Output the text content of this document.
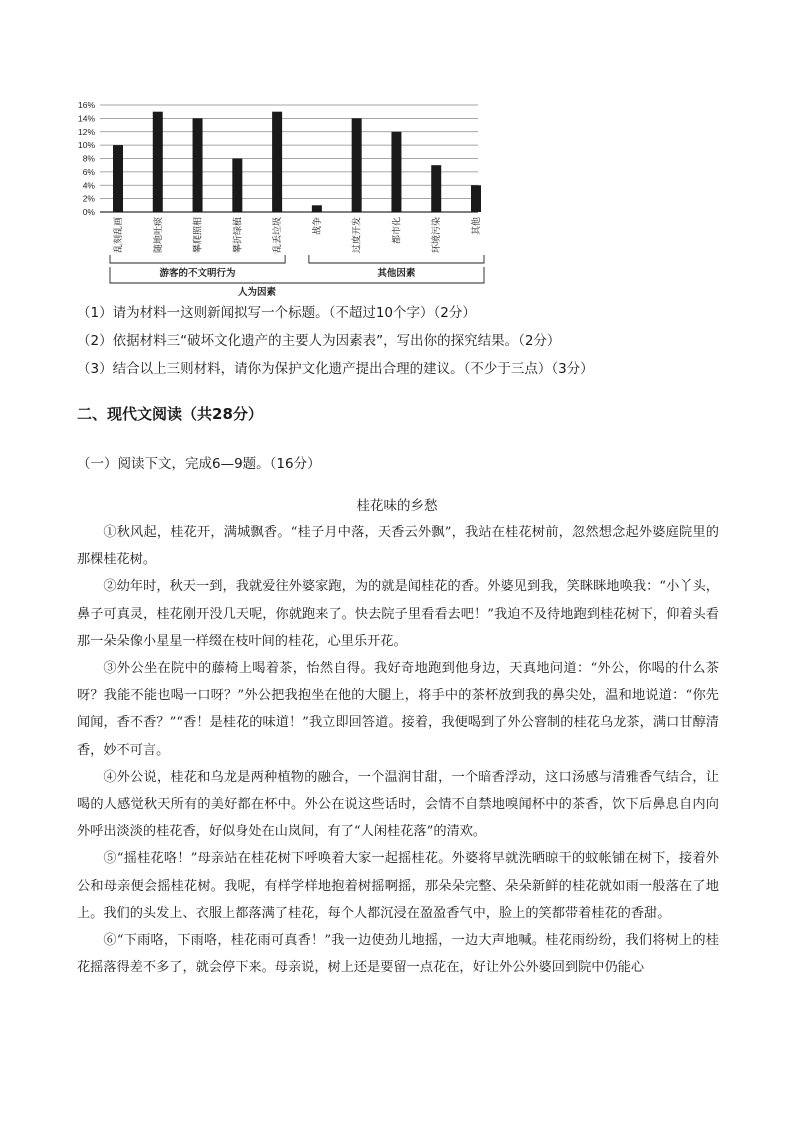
0%
2%
4%
6%
8%
10%
12%
14%
16%
乱刻乱画	随地吐痰	攀爬照相	攀折绿植	乱丢垃圾	战争	过度开发	都市化	环境污染	其他
游客的不文明行为	其他因素
人为因素
（1）请为材料一这则新闻拟写一个标题。（不超过10个字）（2分）
（2）依据材料三“破坏文化遗产的主要人为因素表”，写出你的探究结果。（2分）
（3）结合以上三则材料，请你为保护文化遗产提出合理的建议。（不少于三点）（3分）
二、现代文阅读（共28分）
（一）阅读下文，完成6—9题。（16分）
桂花味的乡愁

①秋风起，桂花开，满城飘香。“桂子月中落，天香云外飘”，我站在桂花树前，忽然想念起外婆庭院里的那棵桂花树。

②幼年时，秋天一到，我就爱往外婆家跑，为的就是闻桂花的香。外婆见到我，笑眯眯地唤我：“小丫头，鼻子可真灵，桂花刚开没几天呢，你就跑来了。快去院子里看看去吧！”我迫不及待地跑到桂花树下，仰着头看那一朵朵像小星星一样缀在枝叶间的桂花，心里乐开花。

③外公坐在院中的藤椅上喝着茶，怡然自得。我好奇地跑到他身边，天真地问道：“外公，你喝的什么茶呀？我能不能也喝一口呀？”外公把我抱坐在他的大腿上，将手中的茶杯放到我的鼻尖处，温和地说道：“你先闻闻，香不香？”“香！是桂花的味道！”我立即回答道。接着，我便喝到了外公窨制的桂花乌龙茶，满口甘醇清香，妙不可言。

④外公说，桂花和乌龙是两种植物的融合，一个温润甘甜，一个暗香浮动，这口汤感与清雅香气结合，让喝的人感觉秋天所有的美好都在杯中。外公在说这些话时，会情不自禁地嗅闻杯中的茶香，饮下后鼻息自内向外呼出淡淡的桂花香，好似身处在山岚间，有了“人闲桂花落”的清欢。

⑤“摇桂花咯！”母亲站在桂花树下呼唤着大家一起摇桂花。外婆将早就洗晒晾干的蚊帐铺在树下，接着外公和母亲便会摇桂花树。我呢，有样学样地抱着树摇啊摇，那朵朵完整、朵朵新鲜的桂花就如雨一般落在了地上。我们的头发上、衣服上都落满了桂花，每个人都沉浸在盈盈香气中，脸上的笑都带着桂花的香甜。

⑥“下雨咯，下雨咯，桂花雨可真香！”我一边使劲儿地摇，一边大声地喊。桂花雨纷纷，我们将树上的桂花摇落得差不多了，就会停下来。母亲说，树上还是要留一点花在，好让外公外婆回到院中仍能心
